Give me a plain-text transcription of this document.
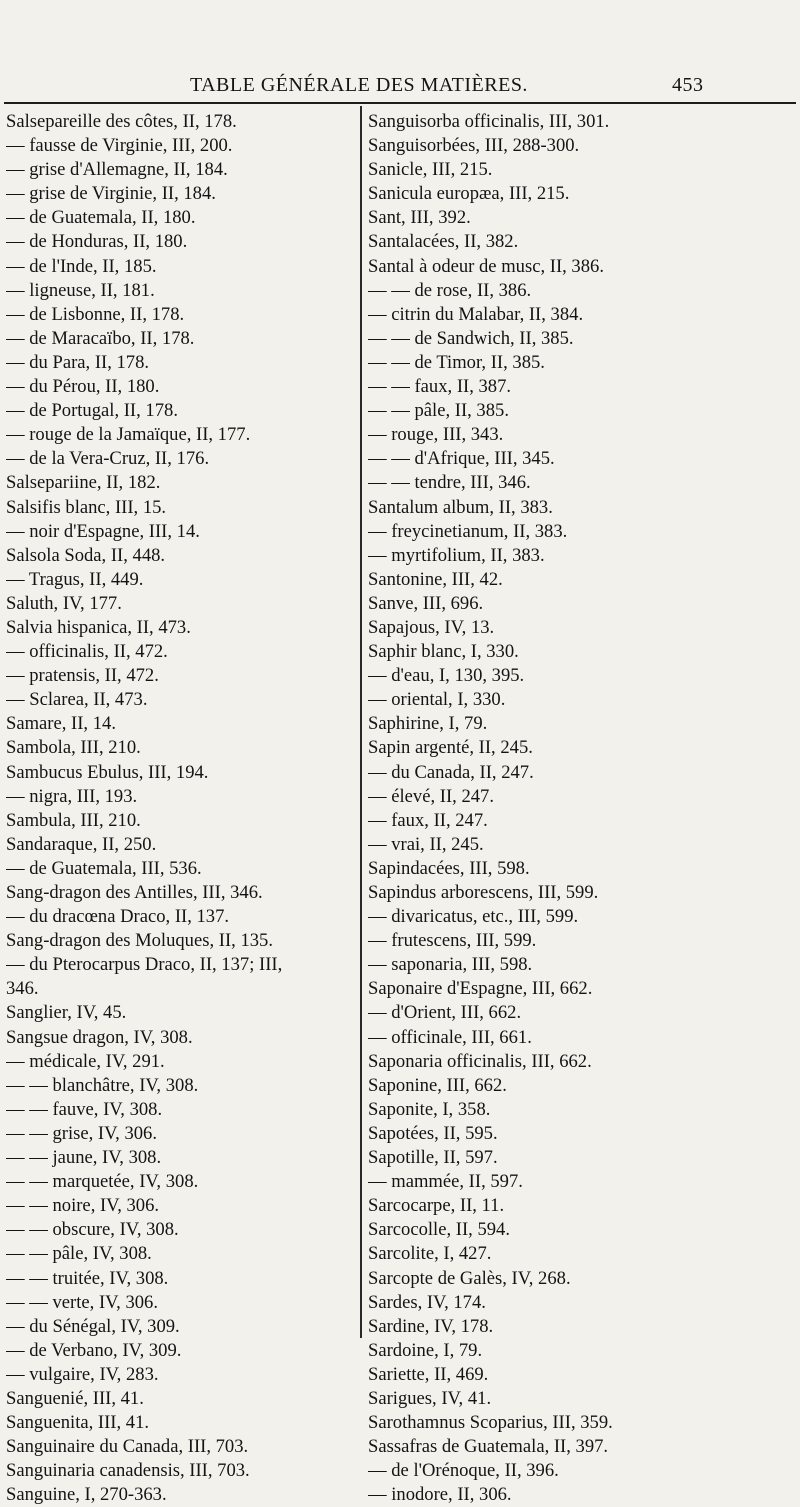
TABLE GÉNÉRALE DES MATIÈRES.	453
Salsepareille des côtes, II, 178.
— fausse de Virginie, III, 200.
— grise d'Allemagne, II, 184.
— grise de Virginie, II, 184.
— de Guatemala, II, 180.
— de Honduras, II, 180.
— de l'Inde, II, 185.
— ligneuse, II, 181.
— de Lisbonne, II, 178.
— de Maracaïbo, II, 178.
— du Para, II, 178.
— du Pérou, II, 180.
— de Portugal, II, 178.
— rouge de la Jamaïque, II, 177.
— de la Vera-Cruz, II, 176.
Salsepariine, II, 182.
Salsifis blanc, III, 15.
— noir d'Espagne, III, 14.
Salsola Soda, II, 448.
— Tragus, II, 449.
Saluth, IV, 177.
Salvia hispanica, II, 473.
— officinalis, II, 472.
— pratensis, II, 472.
— Sclarea, II, 473.
Samare, II, 14.
Sambola, III, 210.
Sambucus Ebulus, III, 194.
— nigra, III, 193.
Sambula, III, 210.
Sandaraque, II, 250.
— de Guatemala, III, 536.
Sang-dragon des Antilles, III, 346.
— du dracœna Draco, II, 137.
Sang-dragon des Moluques, II, 135.
— du Pterocarpus Draco, II, 137; III,
346.
Sanglier, IV, 45.
Sangsue dragon, IV, 308.
— médicale, IV, 291.
— — blanchâtre, IV, 308.
— — fauve, IV, 308.
— — grise, IV, 306.
— — jaune, IV, 308.
— — marquetée, IV, 308.
— — noire, IV, 306.
— — obscure, IV, 308.
— — pâle, IV, 308.
— — truitée, IV, 308.
— — verte, IV, 306.
— du Sénégal, IV, 309.
— de Verbano, IV, 309.
— vulgaire, IV, 283.
Sanguenié, III, 41.
Sanguenita, III, 41.
Sanguinaire du Canada, III, 703.
Sanguinaria canadensis, III, 703.
Sanguine, I, 270-363.
Sanguisorba officinalis, III, 301.
Sanguisorbées, III, 288-300.
Sanicle, III, 215.
Sanicula europæa, III, 215.
Sant, III, 392.
Santalacées, II, 382.
Santal à odeur de musc, II, 386.
— — de rose, II, 386.
— citrin du Malabar, II, 384.
— — de Sandwich, II, 385.
— — de Timor, II, 385.
— — faux, II, 387.
— — pâle, II, 385.
— rouge, III, 343.
— — d'Afrique, III, 345.
— — tendre, III, 346.
Santalum album, II, 383.
— freycinetianum, II, 383.
— myrtifolium, II, 383.
Santonine, III, 42.
Sanve, III, 696.
Sapajous, IV, 13.
Saphir blanc, I, 330.
— d'eau, I, 130, 395.
— oriental, I, 330.
Saphirine, I, 79.
Sapin argenté, II, 245.
— du Canada, II, 247.
— élevé, II, 247.
— faux, II, 247.
— vrai, II, 245.
Sapindacées, III, 598.
Sapindus arborescens, III, 599.
— divaricatus, etc., III, 599.
— frutescens, III, 599.
— saponaria, III, 598.
Saponaire d'Espagne, III, 662.
— d'Orient, III, 662.
— officinale, III, 661.
Saponaria officinalis, III, 662.
Saponine, III, 662.
Saponite, I, 358.
Sapotées, II, 595.
Sapotille, II, 597.
— mammée, II, 597.
Sarcocarpe, II, 11.
Sarcocolle, II, 594.
Sarcolite, I, 427.
Sarcopte de Galès, IV, 268.
Sardes, IV, 174.
Sardine, IV, 178.
Sardoine, I, 79.
Sariette, II, 469.
Sarigues, IV, 41.
Sarothamnus Scoparius, III, 359.
Sassafras de Guatemala, II, 397.
— de l'Orénoque, II, 396.
— inodore, II, 306.
